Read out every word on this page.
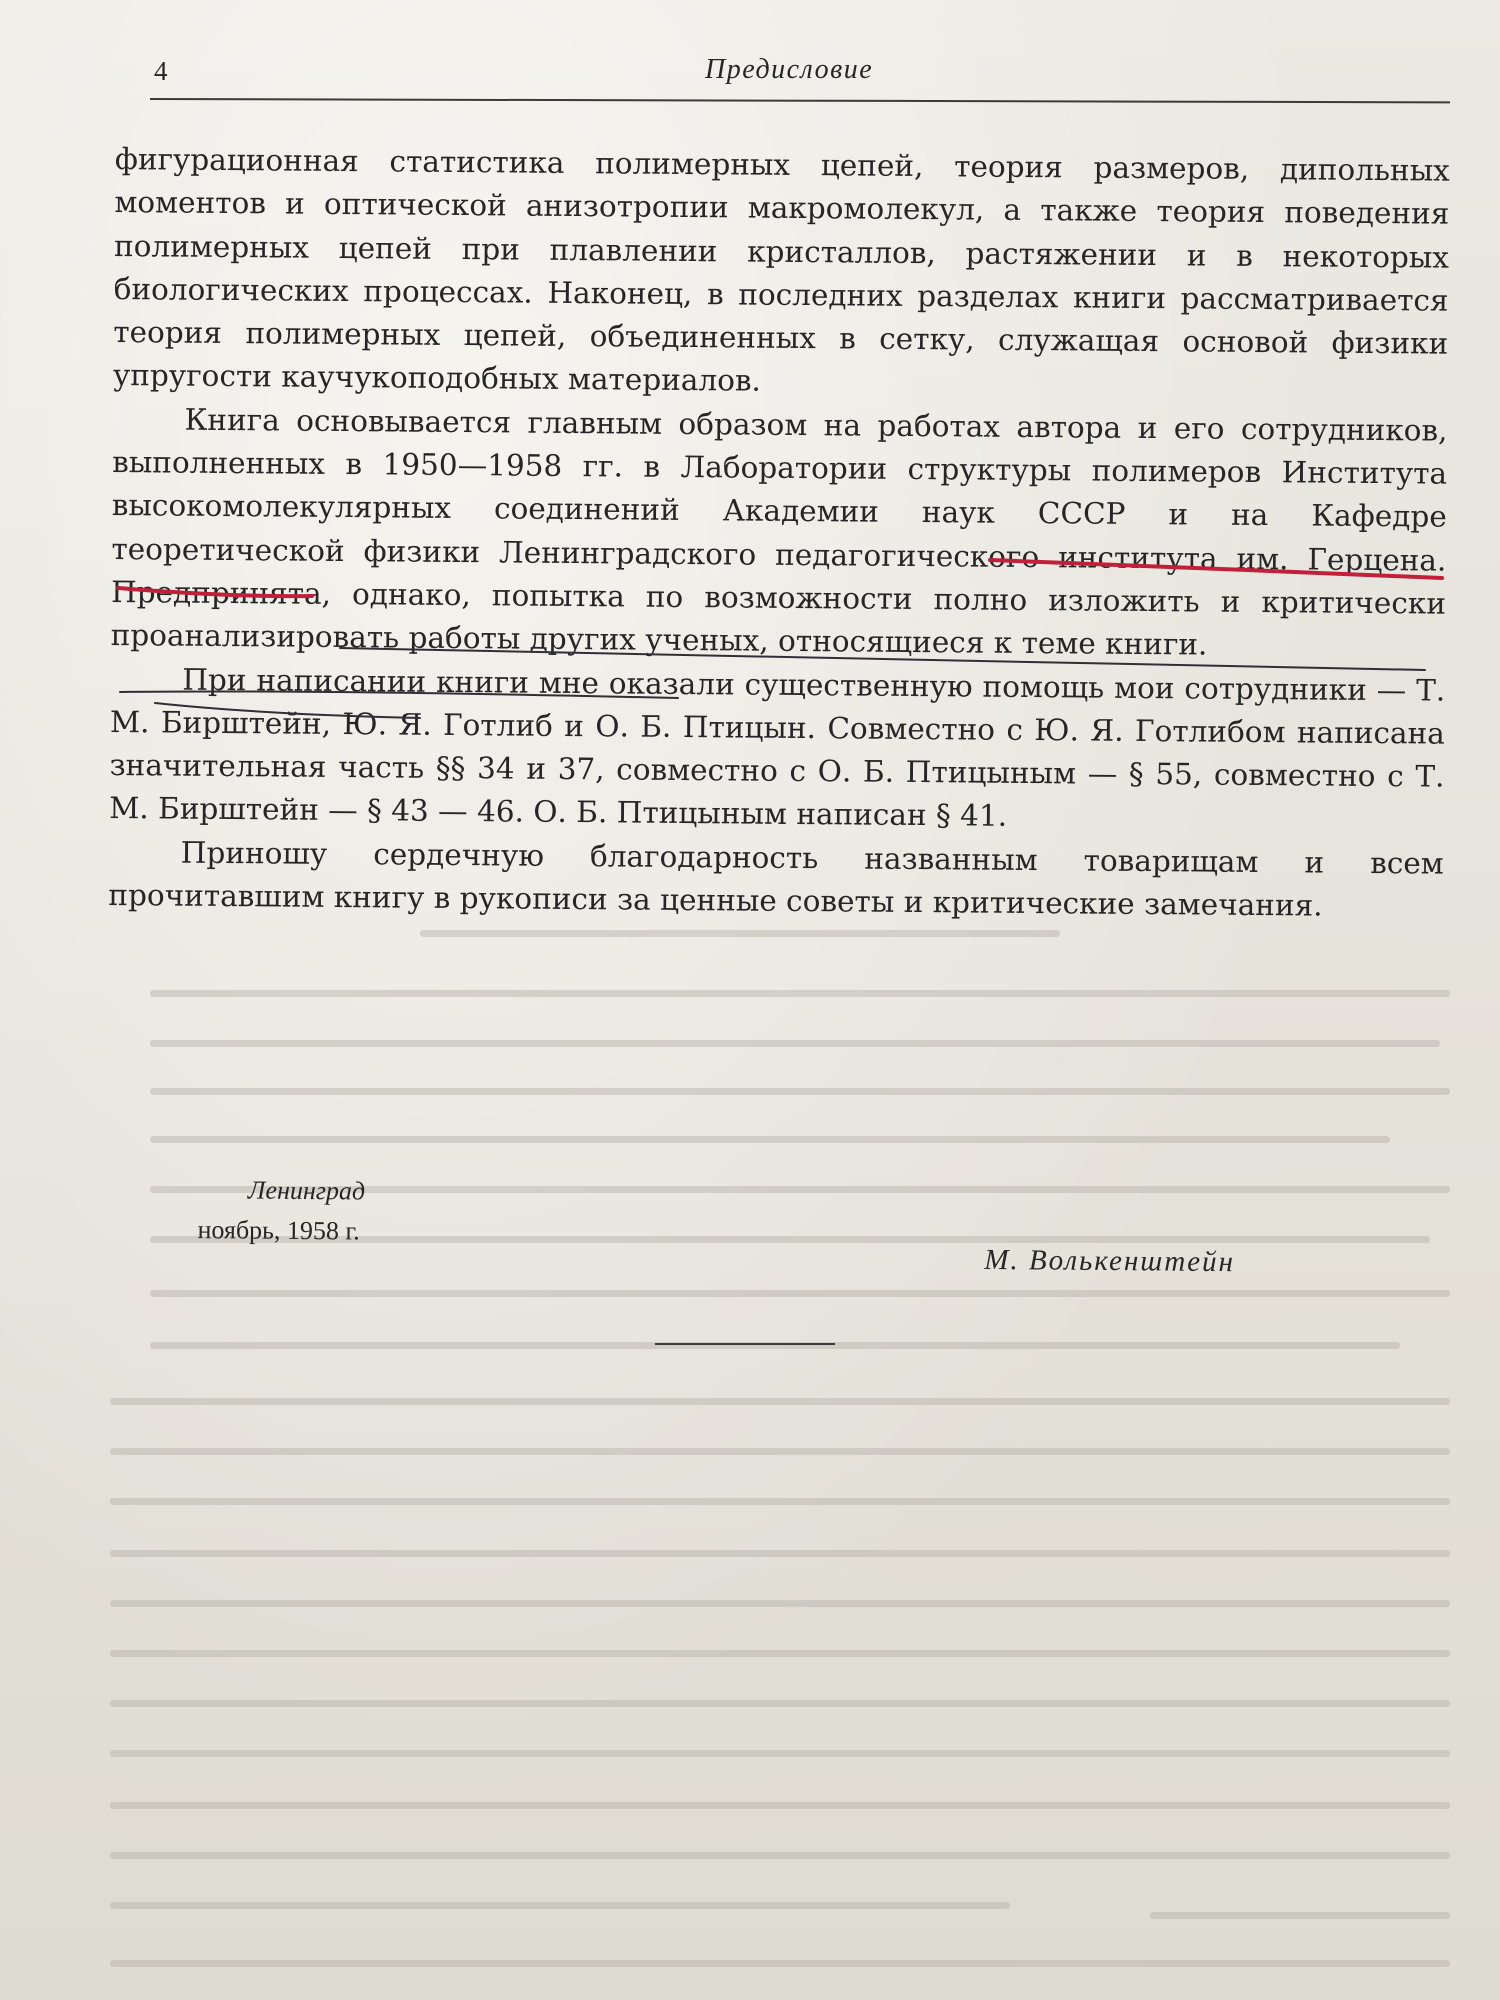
4	Предисловие

фигурационная статистика полимерных цепей, теория размеров, дипольных моментов и оптической анизотропии макромолекул, а также теория поведения полимерных цепей при плавлении кристаллов, растяжении и в некоторых биологических процессах. Наконец, в последних разделах книги рассматривается теория полимерных цепей, объединенных в сетку, служащая основой физики упругости каучукоподобных материалов.

Книга основывается главным образом на работах автора и его сотрудников, выполненных в 1950—1958 гг. в Лаборатории структуры полимеров Института высокомолекулярных соединений Академии наук СССР и на Кафедре теоретической физики Ленинградского педагогического института им. Герцена. Предпринята, однако, попытка по возможности полно изложить и критически проанализировать работы других ученых, относящиеся к теме книги.

При написании книги мне оказали существенную помощь мои сотрудники — Т. М. Бирштейн, Ю. Я. Готлиб и О. Б. Птицын. Совместно с Ю. Я. Готлибом написана значительная часть §§ 34 и 37, совместно с О. Б. Птицыным — § 55, совместно с Т. М. Бирштейн — § 43 — 46. О. Б. Птицыным написан § 41.

Приношу сердечную благодарность названным товарищам и всем прочитавшим книгу в рукописи за ценные советы и критические замечания.

Ленинград
ноябрь, 1958 г.
М. Волькенштейн
